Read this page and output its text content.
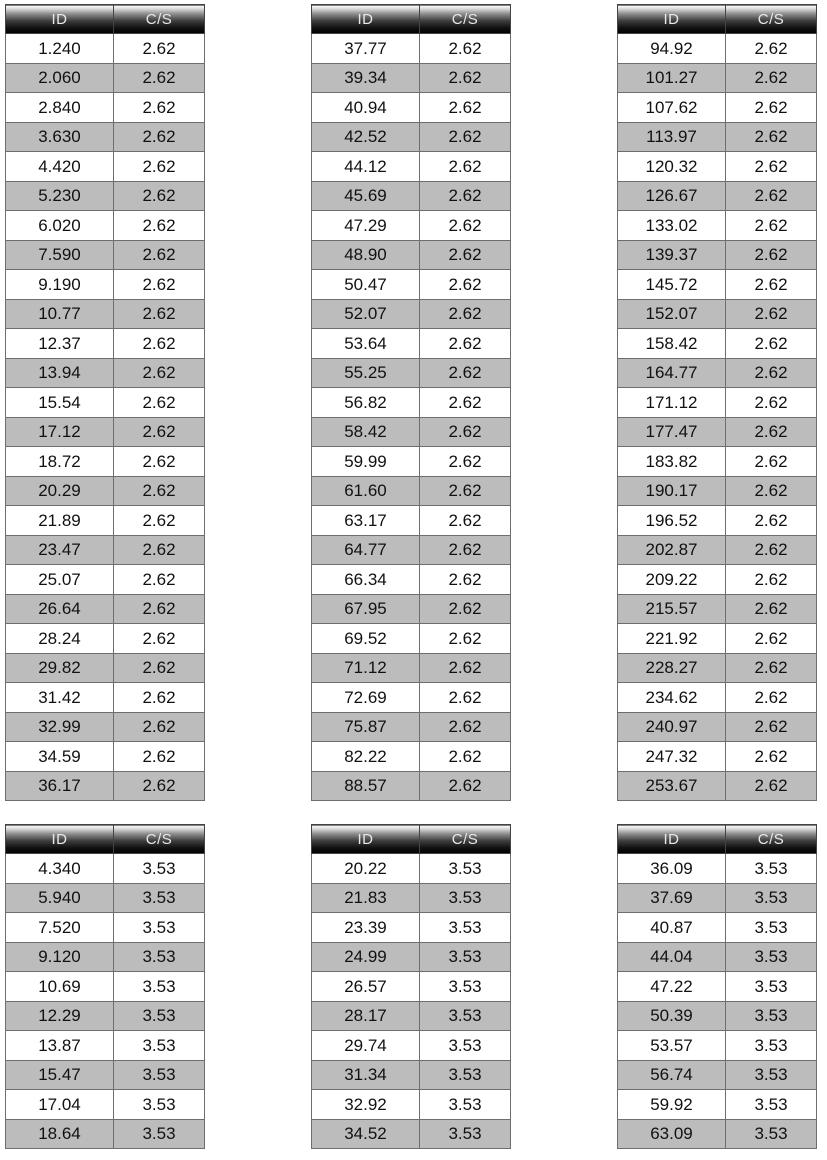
ID	C/S
1.240	2.62
2.060	2.62
2.840	2.62
3.630	2.62
4.420	2.62
5.230	2.62
6.020	2.62
7.590	2.62
9.190	2.62
10.77	2.62
12.37	2.62
13.94	2.62
15.54	2.62
17.12	2.62
18.72	2.62
20.29	2.62
21.89	2.62
23.47	2.62
25.07	2.62
26.64	2.62
28.24	2.62
29.82	2.62
31.42	2.62
32.99	2.62
34.59	2.62
36.17	2.62
ID	C/S
37.77	2.62
39.34	2.62
40.94	2.62
42.52	2.62
44.12	2.62
45.69	2.62
47.29	2.62
48.90	2.62
50.47	2.62
52.07	2.62
53.64	2.62
55.25	2.62
56.82	2.62
58.42	2.62
59.99	2.62
61.60	2.62
63.17	2.62
64.77	2.62
66.34	2.62
67.95	2.62
69.52	2.62
71.12	2.62
72.69	2.62
75.87	2.62
82.22	2.62
88.57	2.62
ID	C/S
94.92	2.62
101.27	2.62
107.62	2.62
113.97	2.62
120.32	2.62
126.67	2.62
133.02	2.62
139.37	2.62
145.72	2.62
152.07	2.62
158.42	2.62
164.77	2.62
171.12	2.62
177.47	2.62
183.82	2.62
190.17	2.62
196.52	2.62
202.87	2.62
209.22	2.62
215.57	2.62
221.92	2.62
228.27	2.62
234.62	2.62
240.97	2.62
247.32	2.62
253.67	2.62
ID	C/S
4.340	3.53
5.940	3.53
7.520	3.53
9.120	3.53
10.69	3.53
12.29	3.53
13.87	3.53
15.47	3.53
17.04	3.53
18.64	3.53
ID	C/S
20.22	3.53
21.83	3.53
23.39	3.53
24.99	3.53
26.57	3.53
28.17	3.53
29.74	3.53
31.34	3.53
32.92	3.53
34.52	3.53
ID	C/S
36.09	3.53
37.69	3.53
40.87	3.53
44.04	3.53
47.22	3.53
50.39	3.53
53.57	3.53
56.74	3.53
59.92	3.53
63.09	3.53
